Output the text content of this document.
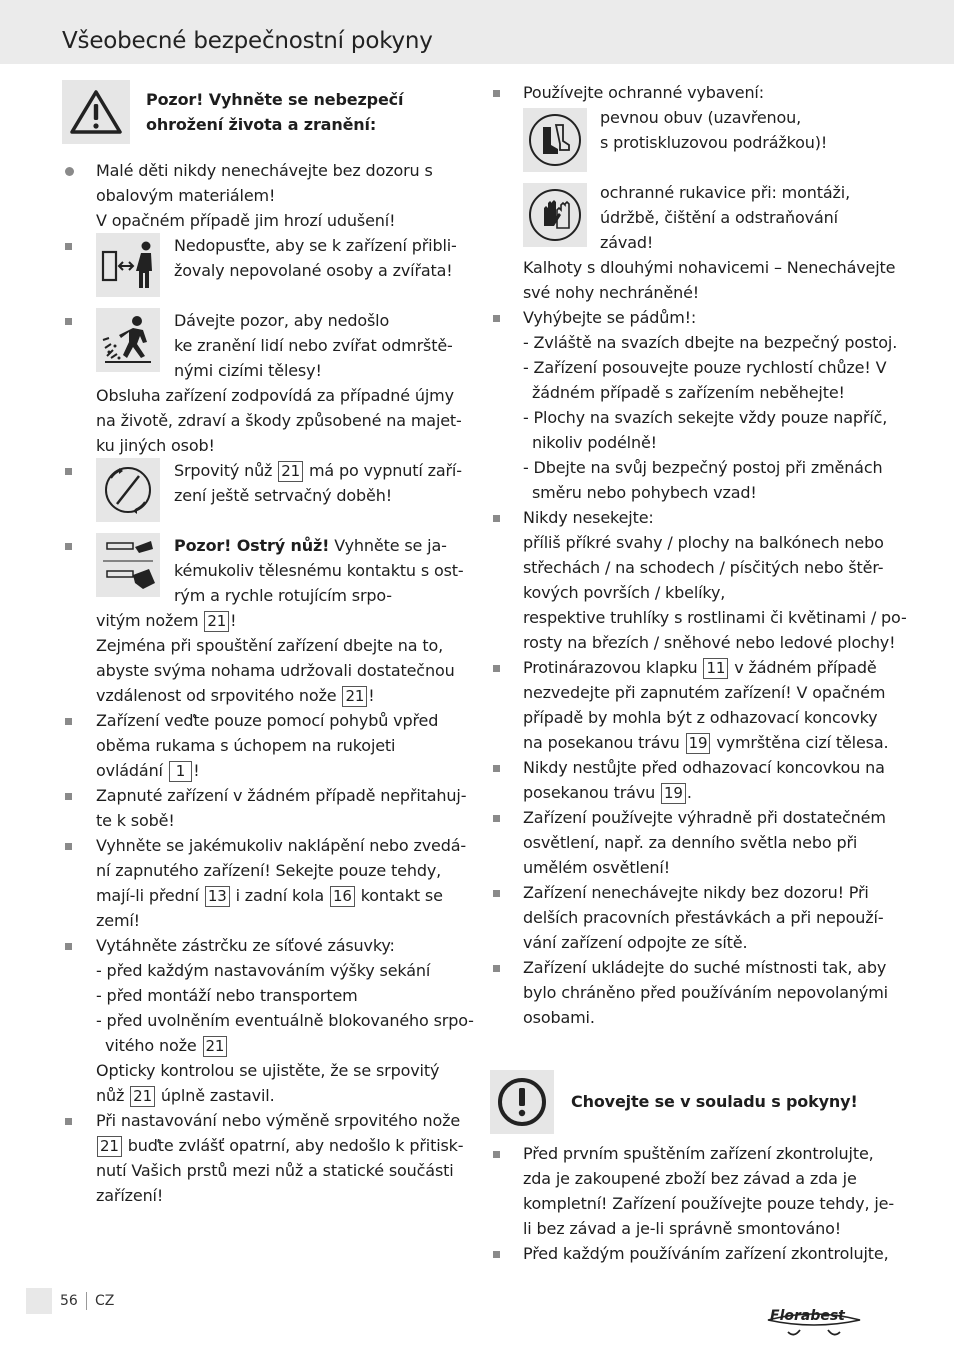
Všeobecné bezpečnostní pokyny
Pozor! Vyhněte se nebezpečí
ohrožení života a zranění:
Malé děti nikdy nenechávejte bez dozoru s
obalovým materiálem!
V opačném případě jim hrozí udušení!
Nedopusťte, aby se k zařízení přibli-
žovaly nepovolané osoby a zvířata!
Dávejte pozor, aby nedošlo
ke zranění lidí nebo zvířat odmrště-
nými cizími tělesy!
Obsluha zařízení zodpovídá za případné újmy
na životě, zdraví a škody způsobené na majet-
ku jiných osob!
Srpovitý nůž 21 má po vypnutí zaří-
zení ještě setrvačný doběh!
Pozor! Ostrý nůž! Vyhněte se ja-
kémukoliv tělesnému kontaktu s ost-
rým a rychle rotujícím srpo-
vitým nožem 21 !
Zejména při spouštění zařízení dbejte na to,
abyste svýma nohama udržovali dostatečnou
vzdálenost od srpovitého nože 21 !
Zařízení veďte pouze pomocí pohybů vpřed
oběma rukama s úchopem na rukojeti
ovládání 1 !
Zapnuté zařízení v žádném případě nepřitahuj-
te k sobě!
Vyhněte se jakémukoliv naklápění nebo zvedá-
ní zapnutého zařízení! Sekejte pouze tehdy,
mají-li přední 13 i zadní kola 16 kontakt se
zemí!
Vytáhněte zástrčku ze síťové zásuvky:
- před každým nastavováním výšky sekání
- před montáží nebo transportem
- před uvolněním eventuálně blokovaného srpo-
vitého nože 21
Opticky kontrolou se ujistěte, že se srpovitý
nůž 21 úplně zastavil.
Při nastavování nebo výměně srpovitého nože
21 buďte zvlášť opatrní, aby nedošlo k přitisk-
nutí Vašich prstů mezi nůž a statické součásti
zařízení!
Používejte ochranné vybavení:
pevnou obuv (uzavřenou,
s protiskluzovou podrážkou)!
ochranné rukavice při: montáži,
údržbě, čištění a odstraňování
závad!
Kalhoty s dlouhými nohavicemi – Nenechávejte
své nohy nechráněné!
Vyhýbejte se pádům!:
- Zvláště na svazích dbejte na bezpečný postoj.
- Zařízení posouvejte pouze rychlostí chůze! V
žádném případě s zařízením neběhejte!
- Plochy na svazích sekejte vždy pouze napříč,
nikoliv podélně!
- Dbejte na svůj bezpečný postoj při změnách
směru nebo pohybech vzad!
Nikdy nesekejte:
příliš příkré svahy / plochy na balkónech nebo
střechách / na schodech / písčitých nebo štěr-
kových površích / kbelíky,
respektive truhlíky s rostlinami či květinami / po-
rosty na březích / sněhové nebo ledové plochy!
Protinárazovou klapku 11 v žádném případě
nezvedejte při zapnutém zařízení! V opačném
případě by mohla být z odhazovací koncovky
na posekanou trávu 19 vymrštěna cizí tělesa.
Nikdy nestůjte před odhazovací koncovkou na
posekanou trávu 19 .
Zařízení používejte výhradně při dostatečném
osvětlení, např. za denního světla nebo při
umělém osvětlení!
Zařízení nenechávejte nikdy bez dozoru! Při
delších pracovních přestávkách a při nepouží-
vání zařízení odpojte ze sítě.
Zařízení ukládejte do suché místnosti tak, aby
bylo chráněno před používáním nepovolanými
osobami.
Chovejte se v souladu s pokyny!
Před prvním spuštěním zařízení zkontrolujte,
zda je zakoupené zboží bez závad a zda je
kompletní! Zařízení používejte pouze tehdy, je-
li bez závad a je-li správně smontováno!
Před každým používáním zařízení zkontrolujte,
56 CZ
Florabest
